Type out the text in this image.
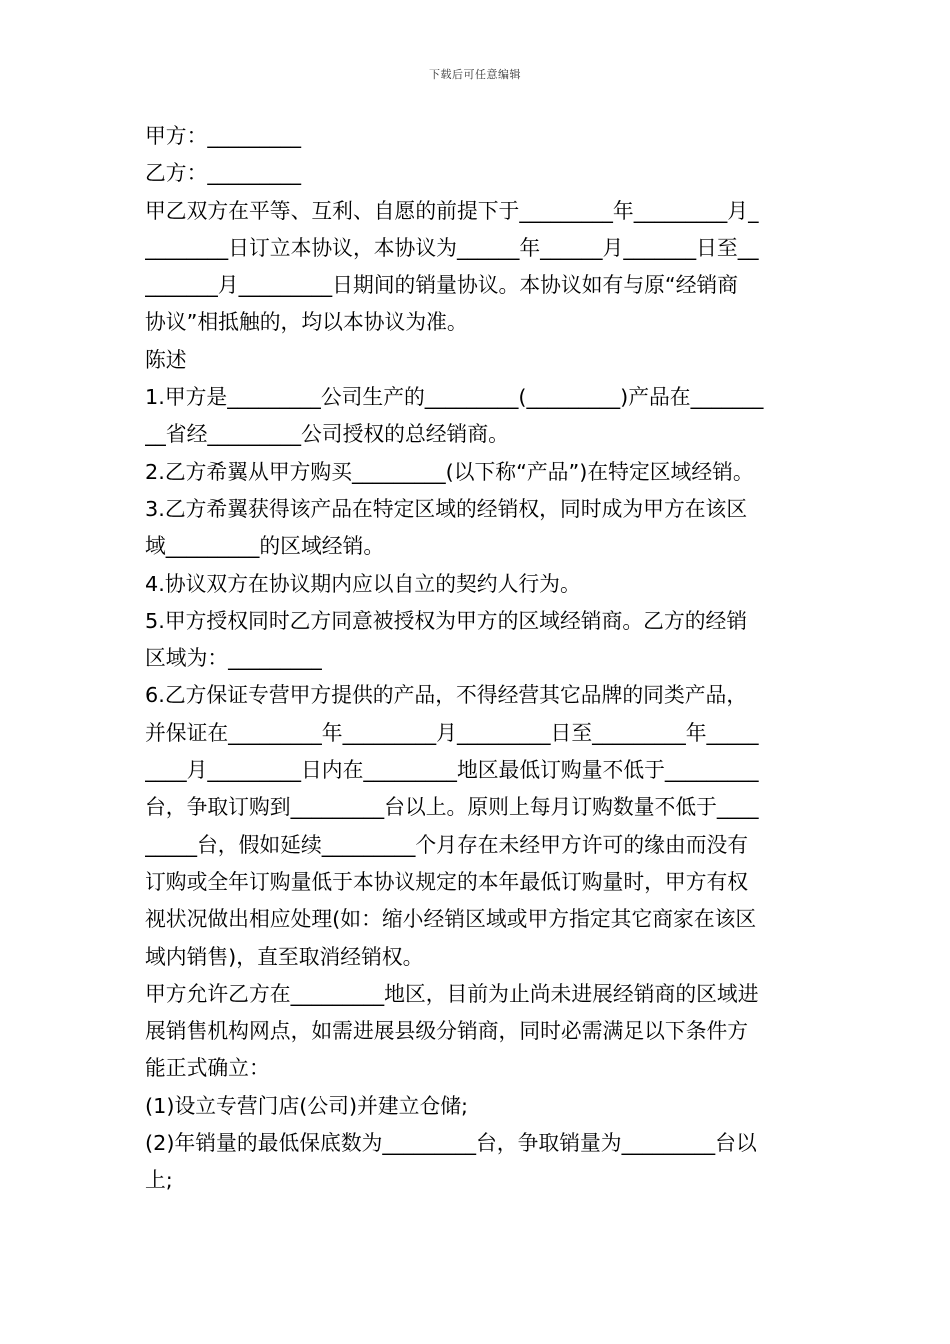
下载后可任意编辑
甲方：_________
乙方：_________
甲乙双方在平等、互利、自愿的前提下于_________年_________月_
________日订立本协议，本协议为______年______月_______日至__
_______月_________日期间的销量协议。本协议如有与原“经销商
协议”相抵触的，均以本协议为准。
陈述
1.甲方是_________公司生产的_________(_________)产品在_______
__省经_________公司授权的总经销商。
2.乙方希翼从甲方购买_________(以下称“产品”)在特定区域经销。
3.乙方希翼获得该产品在特定区域的经销权，同时成为甲方在该区
域_________的区域经销。
4.协议双方在协议期内应以自立的契约人行为。
5.甲方授权同时乙方同意被授权为甲方的区域经销商。乙方的经销
区域为：_________
6.乙方保证专营甲方提供的产品，不得经营其它品牌的同类产品，
并保证在_________年_________月_________日至_________年_____
____月_________日内在_________地区最低订购量不低于_________
台，争取订购到_________台以上。原则上每月订购数量不低于____
_____台，假如延续_________个月存在未经甲方许可的缘由而没有
订购或全年订购量低于本协议规定的本年最低订购量时，甲方有权
视状况做出相应处理(如：缩小经销区域或甲方指定其它商家在该区
域内销售)，直至取消经销权。
甲方允许乙方在_________地区，目前为止尚未进展经销商的区域进
展销售机构网点，如需进展县级分销商，同时必需满足以下条件方
能正式确立：
(1)设立专营门店(公司)并建立仓储;
(2)年销量的最低保底数为_________台，争取销量为_________台以
上;
